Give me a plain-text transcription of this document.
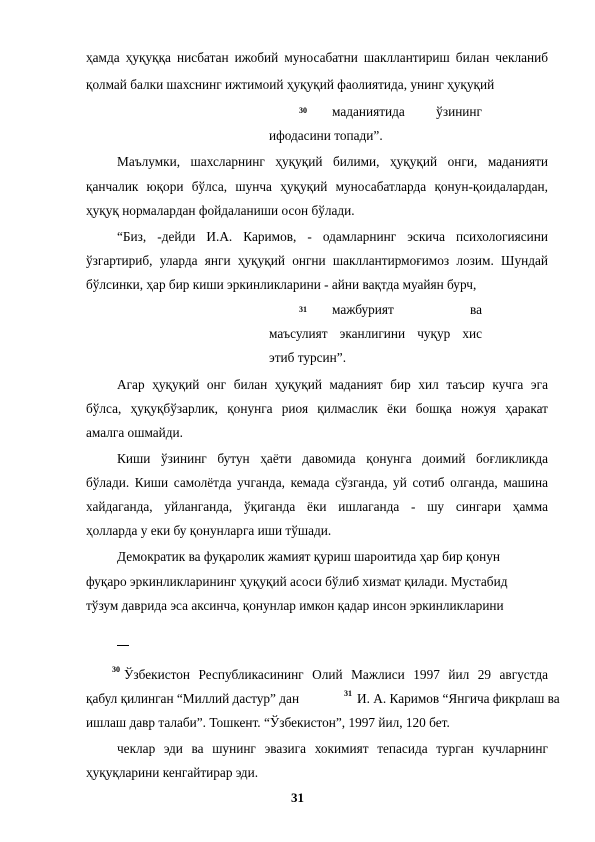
ҳамда ҳуқуққа нисбатан ижобий муносабатни шакллантириш билан чекланиб
қолмай балки шахснинг ижтимоий ҳуқуқий фаолиятида, унинг ҳуқуқий
30 маданиятида ўзининг
ифодасини топади”.
Маълумки, шахсларнинг ҳуқуқий билими, ҳуқуқий онги, маданияти
қанчалик юқори бўлса, шунча ҳуқуқий муносабатларда қонун-қоидалардан,
ҳуқуқ нормалардан фойдаланиши осон бўлади.
“Биз, -дейди И.А. Каримов, - одамларнинг эскича психологиясини
ўзгартириб, уларда янги ҳуқуқий онгни шакллантирмоғимоз лозим. Шундай
бўлсинки, ҳар бир киши эркинликларини - айни вақтда муайян бурч,
31 мажбурият ва
маъсулият эканлигини чуқур хис
этиб турсин”.
Агар ҳуқуқий онг билан ҳуқуқий маданият бир хил таъсир кучга эга
бўлса, ҳуқуқбўзарлик, қонунга риоя қилмаслик ёки бошқа ножуя ҳаракат
амалга ошмайди.
Киши ўзининг бутун ҳаёти давомида қонунга доимий боғликликда
бўлади. Киши самолётда учганда, кемада сўзганда, уй сотиб олганда, машина
хайдаганда, уйланганда, ўқиганда ёки ишлаганда - шу сингари ҳамма
ҳолларда у еки бу қонунларга иши тўшади.
Демократик ва фуқаролик жамият қуриш шароитида ҳар бир қонун
фуқаро эркинликларининг ҳуқуқий асоси бўлиб хизмат қилади. Мустабид
тўзум даврида эса аксинча, қонунлар имкон қадар инсон эркинликларини
30 Ўзбекистон Республикасининг Олий Мажлиси 1997 йил 29 августда
қабул қилинган “Миллий дастур” дан	31 И. А. Каримов “Янгича фикрлаш ва
ишлаш давр талаби”. Тошкент. “Ўзбекистон”, 1997 йил, 120 бет.
чеклар эди ва шунинг эвазига хокимият тепасида турган кучларнинг
ҳуқуқларини кенгайтирар эди.
31
